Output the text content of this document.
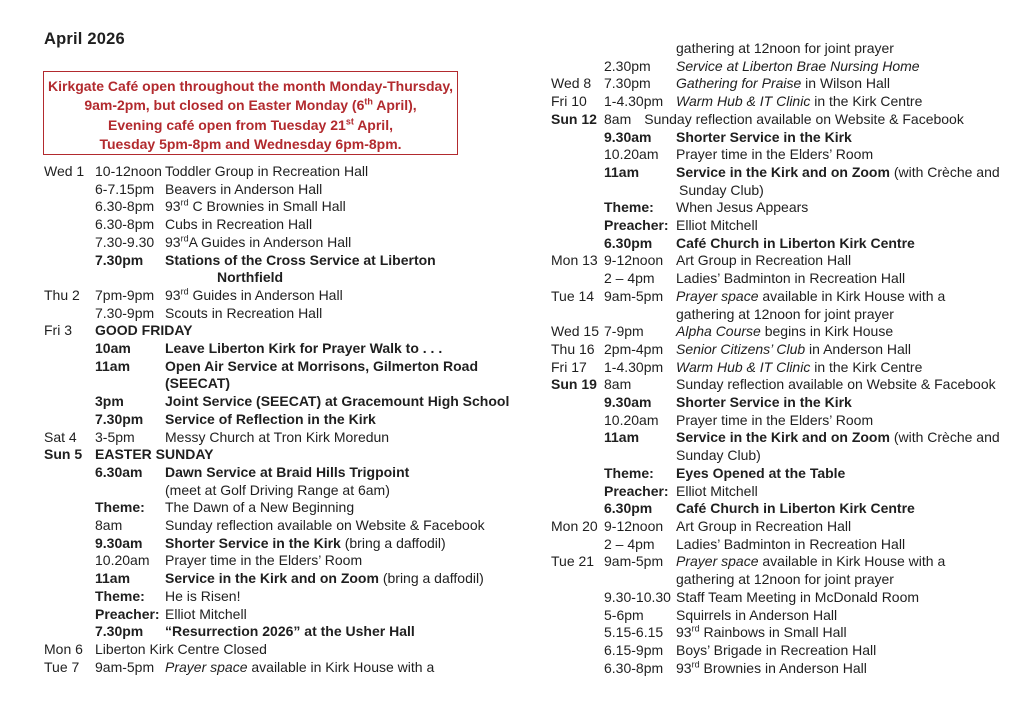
April 2026
Kirkgate Café open throughout the month Monday-Thursday,
9am-2pm, but closed on Easter Monday (6th April),
Evening café open from Tuesday 21st April,
Tuesday 5pm-8pm and Wednesday 6pm-8pm.
Wed 1 10-12noon Toddler Group in Recreation Hall
6-7.15pm Beavers in Anderson Hall
6.30-8pm 93rd C Brownies in Small Hall
6.30-8pm Cubs in Recreation Hall
7.30-9.30 93rdA Guides in Anderson Hall
7.30pm	Stations of the Cross Service at Liberton
Northfield
Thu 2	7pm-9pm 93rd Guides in Anderson Hall
7.30-9pm Scouts in Recreation Hall
Fri 3	GOOD FRIDAY
10am	Leave Liberton Kirk for Prayer Walk to . . .
11am	Open Air Service at Morrisons, Gilmerton Road
(SEECAT)
3pm	Joint Service (SEECAT) at Gracemount High School
7.30pm	Service of Reflection in the Kirk
Sat 4	3-5pm	Messy Church at Tron Kirk Moredun
Sun 5 EASTER SUNDAY
6.30am	Dawn Service at Braid Hills Trigpoint
(meet at Golf Driving Range at 6am)
Theme:	The Dawn of a New Beginning
8am	Sunday reflection available on Website & Facebook
9.30am	Shorter Service in the Kirk (bring a daffodil)
10.20am	Prayer time in the Elders’ Room
11am	Service in the Kirk and on Zoom (bring a daffodil)
Theme:	He is Risen!
Preacher: Elliot Mitchell
7.30pm	“Resurrection 2026” at the Usher Hall
Mon 6 Liberton Kirk Centre Closed
Tue 7	9am-5pm Prayer space available in Kirk House with a
gathering at 12noon for joint prayer
2.30pm	Service at Liberton Brae Nursing Home
Wed 8 7.30pm	Gathering for Praise in Wilson Hall
Fri 10	1-4.30pm Warm Hub & IT Clinic in the Kirk Centre
Sun 12 8am Sunday reflection available on Website & Facebook
9.30am	Shorter Service in the Kirk
10.20am	Prayer time in the Elders’ Room
11am	Service in the Kirk and on Zoom (with Crèche and
Sunday Club)
Theme:	When Jesus Appears
Preacher: Elliot Mitchell
6.30pm	Café Church in Liberton Kirk Centre
Mon 13 9-12noon Art Group in Recreation Hall
2 – 4pm	Ladies’ Badminton in Recreation Hall
Tue 14 9am-5pm Prayer space available in Kirk House with a
gathering at 12noon for joint prayer
Wed 15 7-9pm	Alpha Course begins in Kirk House
Thu 16 2pm-4pm Senior Citizens’ Club in Anderson Hall
Fri 17	1-4.30pm Warm Hub & IT Clinic in the Kirk Centre
Sun 19 8am	Sunday reflection available on Website & Facebook
9.30am	Shorter Service in the Kirk
10.20am	Prayer time in the Elders’ Room
11am	Service in the Kirk and on Zoom (with Crèche and
Sunday Club)
Theme:	Eyes Opened at the Table
Preacher: Elliot Mitchell
6.30pm	Café Church in Liberton Kirk Centre
Mon 20 9-12noon Art Group in Recreation Hall
2 – 4pm	Ladies’ Badminton in Recreation Hall
Tue 21 9am-5pm Prayer space available in Kirk House with a
gathering at 12noon for joint prayer
9.30-10.30 Staff Team Meeting in McDonald Room
5-6pm	Squirrels in Anderson Hall
5.15-6.15 93rd Rainbows in Small Hall
6.15-9pm Boys’ Brigade in Recreation Hall
6.30-8pm 93rd Brownies in Anderson Hall
